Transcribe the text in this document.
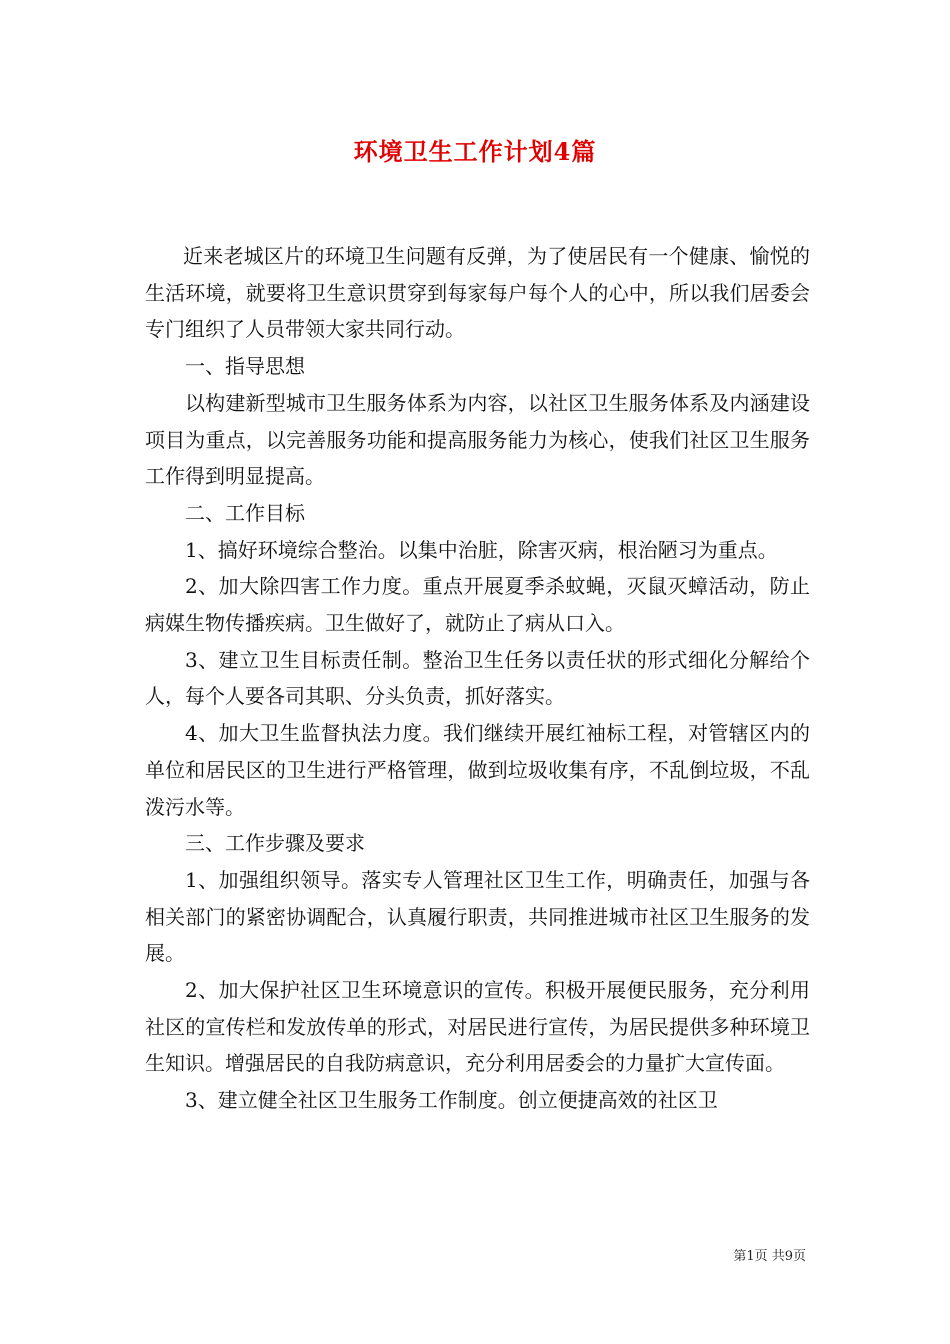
环境卫生工作计划4篇

近来老城区片的环境卫生问题有反弹，为了使居民有一个健康、愉悦的生活环境，就要将卫生意识贯穿到每家每户每个人的心中，所以我们居委会专门组织了人员带领大家共同行动。

一、指导思想

以构建新型城市卫生服务体系为内容，以社区卫生服务体系及内涵建设项目为重点，以完善服务功能和提高服务能力为核心，使我们社区卫生服务工作得到明显提高。

二、工作目标

1、搞好环境综合整治。以集中治脏，除害灭病，根治陋习为重点。

2、加大除四害工作力度。重点开展夏季杀蚊蝇，灭鼠灭蟑活动，防止病媒生物传播疾病。卫生做好了，就防止了病从口入。

3、建立卫生目标责任制。整治卫生任务以责任状的形式细化分解给个人，每个人要各司其职、分头负责，抓好落实。

4、加大卫生监督执法力度。我们继续开展红袖标工程，对管辖区内的单位和居民区的卫生进行严格管理，做到垃圾收集有序，不乱倒垃圾，不乱泼污水等。

三、工作步骤及要求

1、加强组织领导。落实专人管理社区卫生工作，明确责任，加强与各相关部门的紧密协调配合，认真履行职责，共同推进城市社区卫生服务的发展。

2、加大保护社区卫生环境意识的宣传。积极开展便民服务，充分利用社区的宣传栏和发放传单的形式，对居民进行宣传，为居民提供多种环境卫生知识。增强居民的自我防病意识，充分利用居委会的力量扩大宣传面。

3、建立健全社区卫生服务工作制度。创立便捷高效的社区卫

第1页 共9页
